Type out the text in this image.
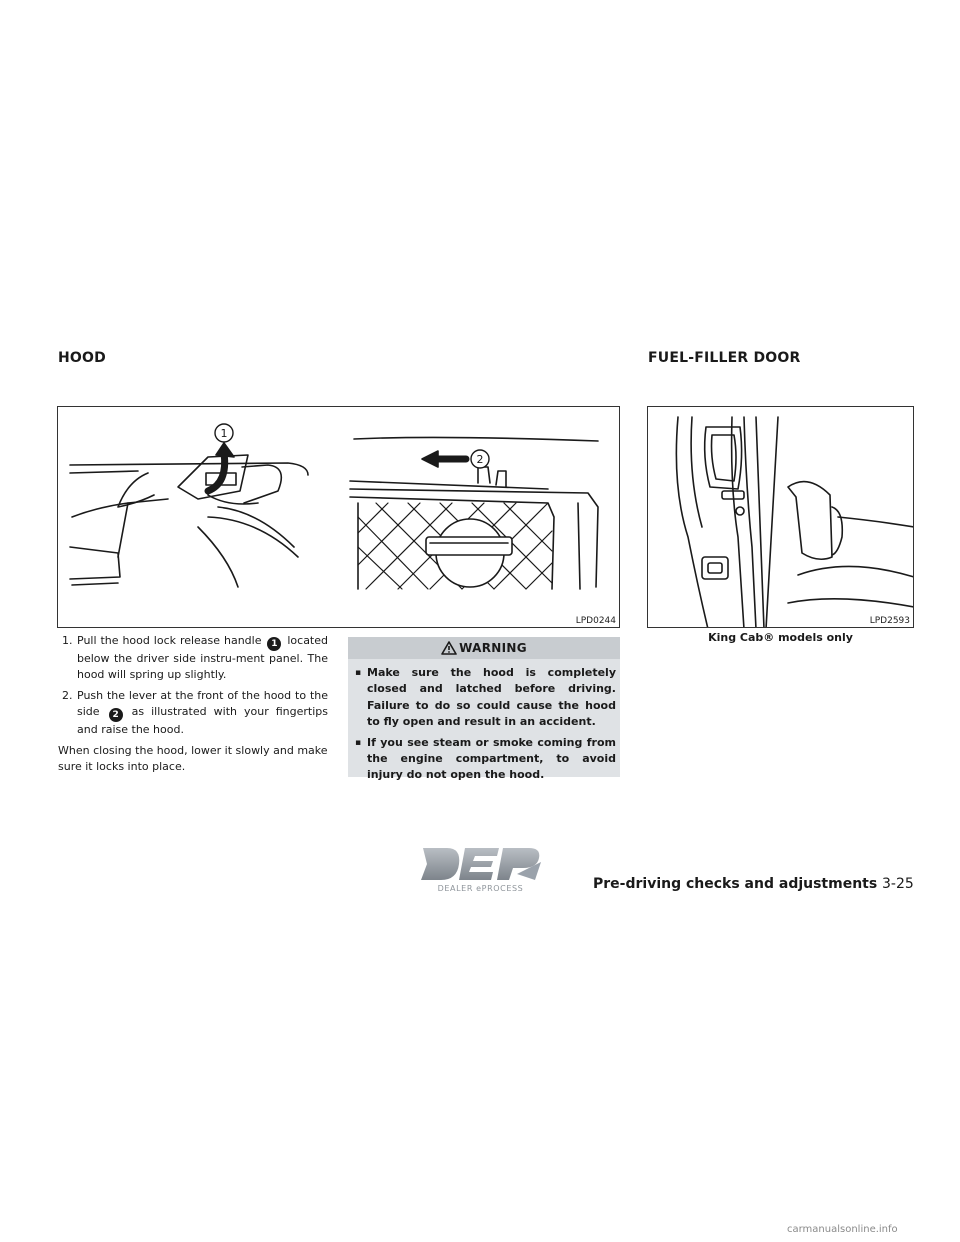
HOOD	FUEL-FILLER DOOR
1
2
LPD0244	LPD2593
King Cab® models only
1. Pull the hood lock release handle 1 located below the driver side instru-ment panel. The hood will spring up slightly.
2. Push the lever at the front of the hood to the side 2 as illustrated with your fingertips and raise the hood.

When closing the hood, lower it slowly and make sure it locks into place.

WARNING
▪ Make sure the hood is completely closed and latched before driving. Failure to do so could cause the hood to fly open and result in an accident.
▪ If you see steam or smoke coming from the engine compartment, to avoid injury do not open the hood.
DEALER ePROCESS	Pre-driving checks and adjustments 3-25
carmanualsonline.info
